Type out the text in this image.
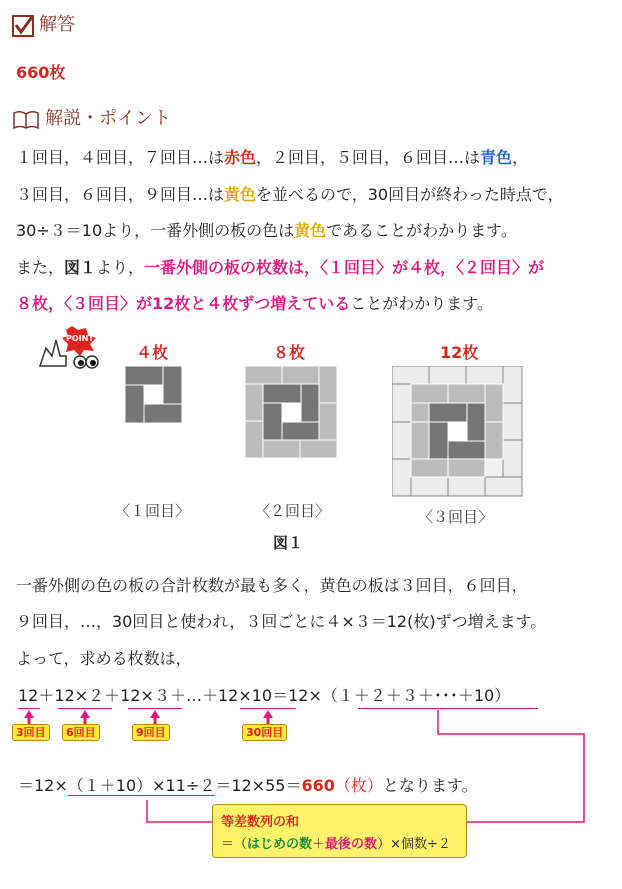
解答
660枚
解説・ポイント
１回目，４回目，７回目…は赤色，２回目，５回目，６回目…は青色，
３回目，６回目，９回目…は黄色を並べるので，30回目が終わった時点で，
30÷３＝10より，一番外側の板の色は黄色であることがわかります。
また，図１より，一番外側の板の枚数は，〈１回目〉が４枚，〈２回目〉が
８枚，〈３回目〉が12枚と４枚ずつ増えていることがわかります。
POINT
４枚	８枚	12枚
〈１回目〉	〈２回目〉	〈３回目〉
図１
一番外側の色の板の合計枚数が最も多く，黄色の板は３回目，６回目，
９回目，…，30回目と使われ，３回ごとに４×３＝12(枚)ずつ増えます。
よって，求める枚数は，
12＋12×２＋12×３＋…＋12×10＝12×（１＋２＋３＋･･･＋10）
3回目	6回目	9回目	30回目
＝12×（１＋10）×11÷２＝12×55＝660（枚）となります。
等差数列の和
＝（はじめの数＋最後の数）×個数÷２
